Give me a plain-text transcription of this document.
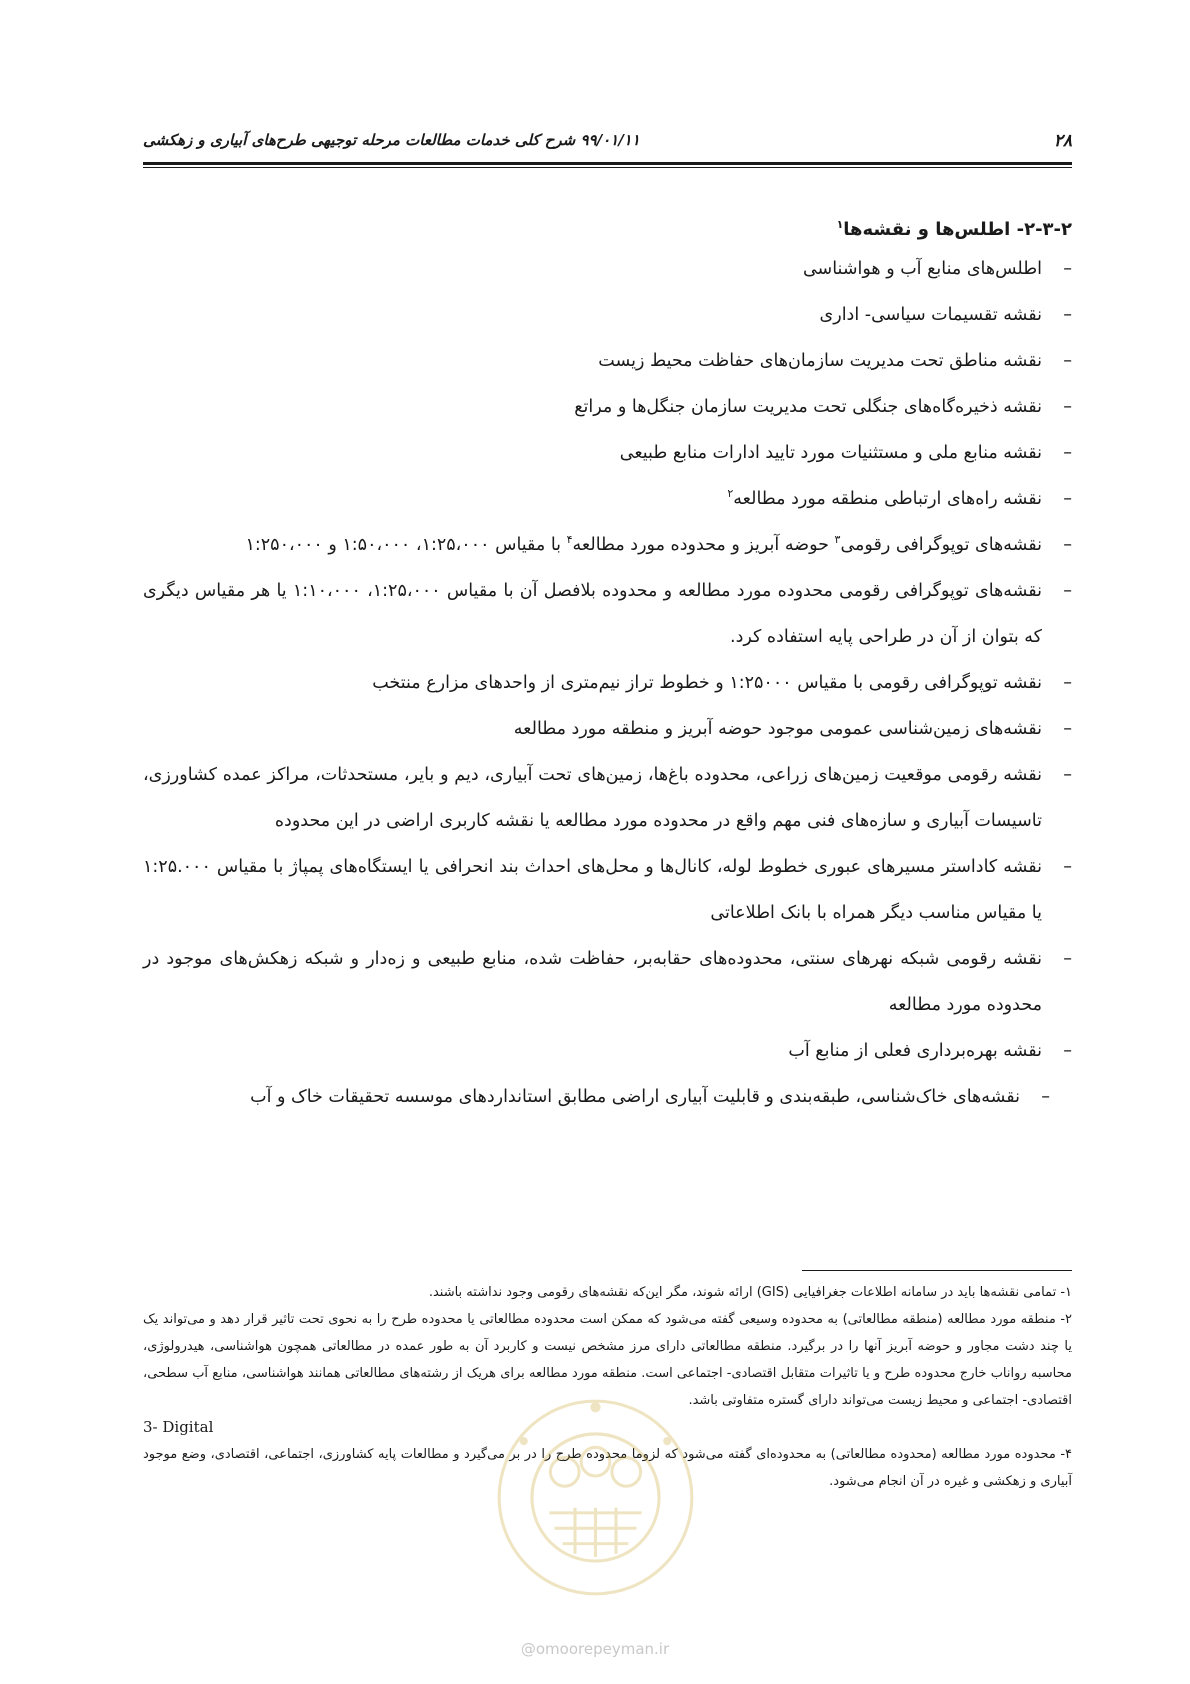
۲۸
۹۹/۰۱/۱۱ شرح کلی خدمات مطالعات مرحله توجیهی طرح‌های آبیاری و زهکشی
۲-۳-۲- اطلس‌ها و نقشه‌ها$^۱$
–
اطلس‌های منابع آب و هواشناسی
–
نقشه تقسیمات سیاسی- اداری
–
نقشه مناطق تحت مدیریت سازمان‌های حفاظت محیط زیست
–
نقشه ذخیره‌گاه‌های جنگلی تحت مدیریت سازمان جنگل‌ها و مراتع
–
نقشه منابع ملی و مستثنیات مورد تایید ادارات منابع طبیعی
–
نقشه راه‌های ارتباطی منطقه مورد مطالعه$^۲$
–
نقشه‌های توپوگرافی رقومی$^۳$ حوضه آبریز و محدوده مورد مطالعه$^۴$ با مقیاس ۱:۲۵،۰۰۰، ۱:۵۰،۰۰۰ و ۱:۲۵۰،۰۰۰
–
نقشه‌های توپوگرافی رقومی محدوده مورد مطالعه و محدوده بلافصل آن با مقیاس ۱:۲۵،۰۰۰، ۱:۱۰،۰۰۰ یا هر مقیاس دیگری که بتوان از آن در طراحی پایه استفاده کرد.
–
نقشه توپوگرافی رقومی با مقیاس ۱:۲۵۰۰۰ و خطوط تراز نیم‌متری از واحدهای مزارع منتخب
–
نقشه‌های زمین‌شناسی عمومی موجود حوضه آبریز و منطقه مورد مطالعه
–
نقشه رقومی موقعیت زمین‌های زراعی، محدوده باغ‌ها، زمین‌های تحت آبیاری، دیم و بایر، مستحدثات، مراکز عمده کشاورزی، تاسیسات آبیاری و سازه‌های فنی مهم واقع در محدوده مورد مطالعه یا نقشه کاربری اراضی در این محدوده
–
نقشه کاداستر مسیرهای عبوری خطوط لوله، کانال‌ها و محل‌های احداث بند انحرافی یا ایستگاه‌های پمپاژ با مقیاس ۱:۲۵.۰۰۰ یا مقیاس مناسب دیگر همراه با بانک اطلاعاتی
–
نقشه رقومی شبکه نهرهای سنتی، محدوده‌های حقابه‌بر، حفاظت شده، منابع طبیعی و زه‌دار و شبکه زهکش‌های موجود در محدوده مورد مطالعه
–
نقشه بهره‌برداری فعلی از منابع آب
–
نقشه‌های خاک‌شناسی، طبقه‌بندی و قابلیت آبیاری اراضی مطابق استانداردهای موسسه تحقیقات خاک و آب

۱- تمامی نقشه‌ها باید در سامانه اطلاعات جغرافیایی (GIS) ارائه شوند، مگر این‌که نقشه‌های رقومی وجود نداشته باشند.

۲- منطقه مورد مطالعه (منطقه مطالعاتی) به محدوده وسیعی گفته می‌شود که ممکن است محدوده مطالعاتی یا محدوده طرح را به نحوی تحت تاثیر قرار دهد و می‌تواند یک یا چند دشت مجاور و حوضه آبریز آنها را در برگیرد. منطقه مطالعاتی دارای مرز مشخص نیست و کاربرد آن به طور عمده در مطالعاتی همچون هواشناسی، هیدرولوژی، محاسبه رواناب خارج محدوده طرح و یا تاثیرات متقابل اقتصادی- اجتماعی است. منطقه مورد مطالعه برای هریک از رشته‌های مطالعاتی همانند هواشناسی، منابع آب سطحی، اقتصادی- اجتماعی و محیط زیست می‌تواند دارای گستره متفاوتی باشد.

3- Digital

۴- محدوده مورد مطالعه (محدوده مطالعاتی) به محدوده‌ای گفته می‌شود که لزوما محدوده طرح را در بر می‌گیرد و مطالعات پایه کشاورزی، اجتماعی، اقتصادی، وضع موجود آبیاری و زهکشی و غیره در آن انجام می‌شود.

@omoorepeyman.ir
